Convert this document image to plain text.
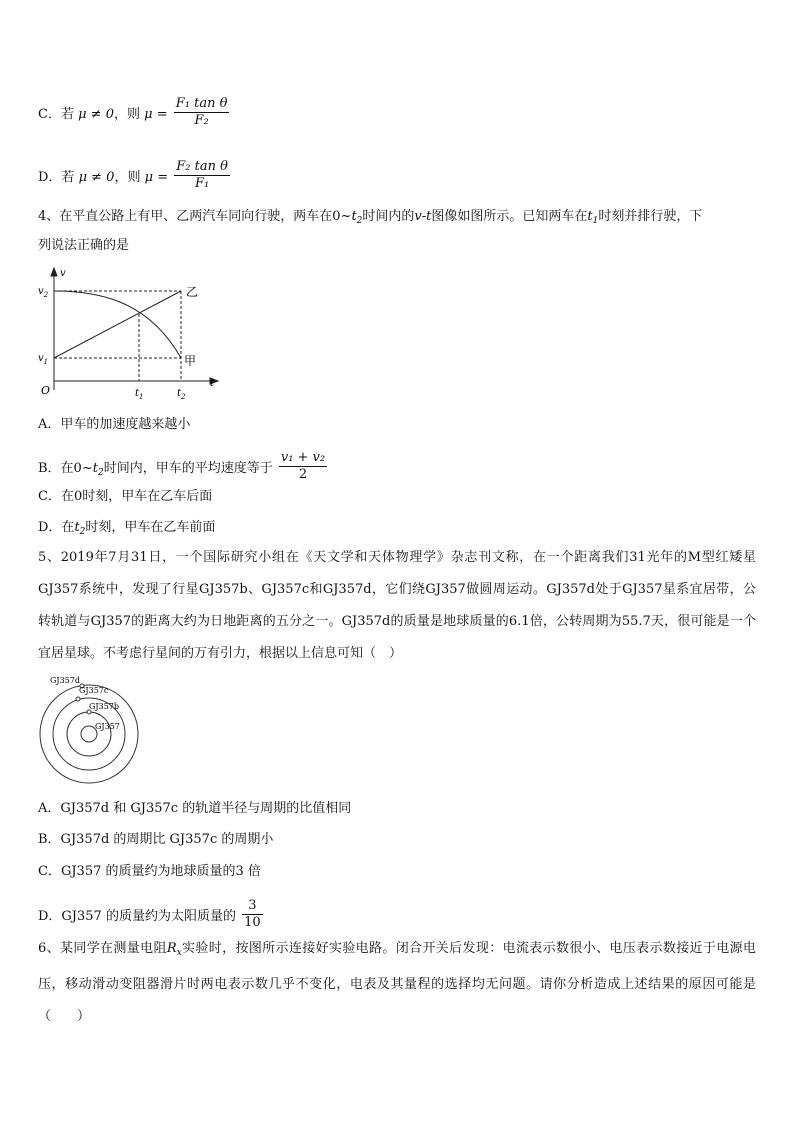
C．若 μ ≠ 0，则 $\mu = \frac{\text{F₁ tan θ}}{\text{F₂}}$
D．若 μ ≠ 0，则 $\mu = \frac{\text{F₂ tan θ}}{\text{F₁}}$
4、在平直公路上有甲、乙两汽车同向行驶，两车在$0\sim t_2$时间内的v-t图像如图所示。已知两车在$t_1$时刻并排行驶，下
列说法正确的是
v
$v_2$
$v_1$
O	$t_1$	$t_2$
t
乙
甲
A．甲车的加速度越来越小
B．在$0\sim t_2$时间内，甲车的平均速度等于 $\frac{\text{v₁ + v₂}}{2}$
C．在0时刻，甲车在乙车后面
D．在$t_2$时刻，甲车在乙车前面
5、2019年7月31日，一个国际研究小组在《天文学和天体物理学》杂志刊文称，在一个距离我们31光年的M型红矮星GJ357系统中，发现了行星GJ357b、GJ357c和GJ357d，它们绕GJ357做圆周运动。GJ357d处于GJ357星系宜居带，公转轨道与GJ357的距离大约为日地距离的五分之一。GJ357d的质量是地球质量的6.1倍，公转周期为55.7天，很可能是一个宜居星球。不考虑行星间的万有引力，根据以上信息可知（　）
GJ357d
GJ357c
GJ357b
GJ357
A．GJ357d 和 GJ357c 的轨道半径与周期的比值相同
B．GJ357d 的周期比 GJ357c 的周期小
C．GJ357 的质量约为地球质量的3 倍
D．GJ357 的质量约为太阳质量的 $\frac{3}{10}$
6、某同学在测量电阻$R_x$实验时，按图所示连接好实验电路。闭合开关后发现：电流表示数很小、电压表示数接近于电源电压，移动滑动变阻器滑片时两电表示数几乎不变化，电表及其量程的选择均无问题。请你分析造成上述结果的原因可能是（　　）
